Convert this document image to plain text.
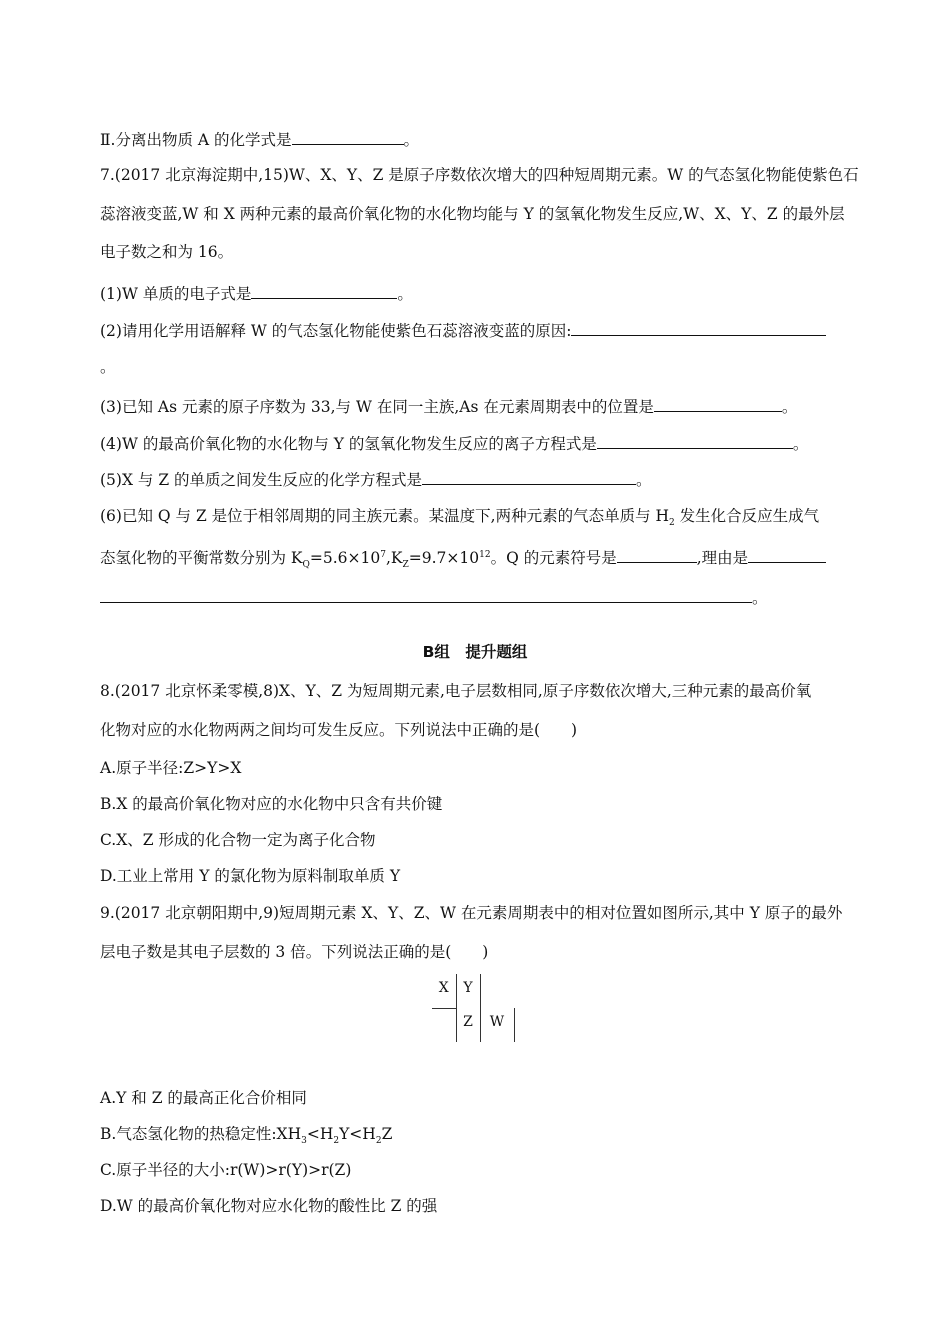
Ⅱ.分离出物质 A 的化学式是	。
7.(2017 北京海淀期中,15)W、X、Y、Z 是原子序数依次增大的四种短周期元素。W 的气态氢化物能使紫色石
蕊溶液变蓝,W 和 X 两种元素的最高价氧化物的水化物均能与 Y 的氢氧化物发生反应,W、X、Y、Z 的最外层
电子数之和为 16。
(1)W 单质的电子式是	。
(2)请用化学用语解释 W 的气态氢化物能使紫色石蕊溶液变蓝的原因:
。
(3)已知 As 元素的原子序数为 33,与 W 在同一主族,As 在元素周期表中的位置是	。
(4)W 的最高价氧化物的水化物与 Y 的氢氧化物发生反应的离子方程式是	。
(5)X 与 Z 的单质之间发生反应的化学方程式是	。
(6)已知 Q 与 Z 是位于相邻周期的同主族元素。某温度下,两种元素的气态单质与 $H_2$ 发生化合反应生成气
态氢化物的平衡常数分别为 $K_Q=5.6\times 10^7,K_Z=9.7\times 10^{12}$。Q 的元素符号是	,理由是
。
B组　提升题组
8.(2017 北京怀柔零模,8)X、Y、Z 为短周期元素,电子层数相同,原子序数依次增大,三种元素的最高价氧
化物对应的水化物两两之间均可发生反应。下列说法中正确的是(　　)
A.原子半径:Z>Y>X
B.X 的最高价氧化物对应的水化物中只含有共价键
C.X、Z 形成的化合物一定为离子化合物
D.工业上常用 Y 的氯化物为原料制取单质 Y
9.(2017 北京朝阳期中,9)短周期元素 X、Y、Z、W 在元素周期表中的相对位置如图所示,其中 Y 原子的最外
层电子数是其电子层数的 3 倍。下列说法正确的是(　　)
X	Y	
	Z	W
A.Y 和 Z 的最高正化合价相同
B.气态氢化物的热稳定性$:XH_3<H_2Y<H_2Z$
C.原子半径的大小:r(W)>r(Y)>r(Z)
D.W 的最高价氧化物对应水化物的酸性比 Z 的强
